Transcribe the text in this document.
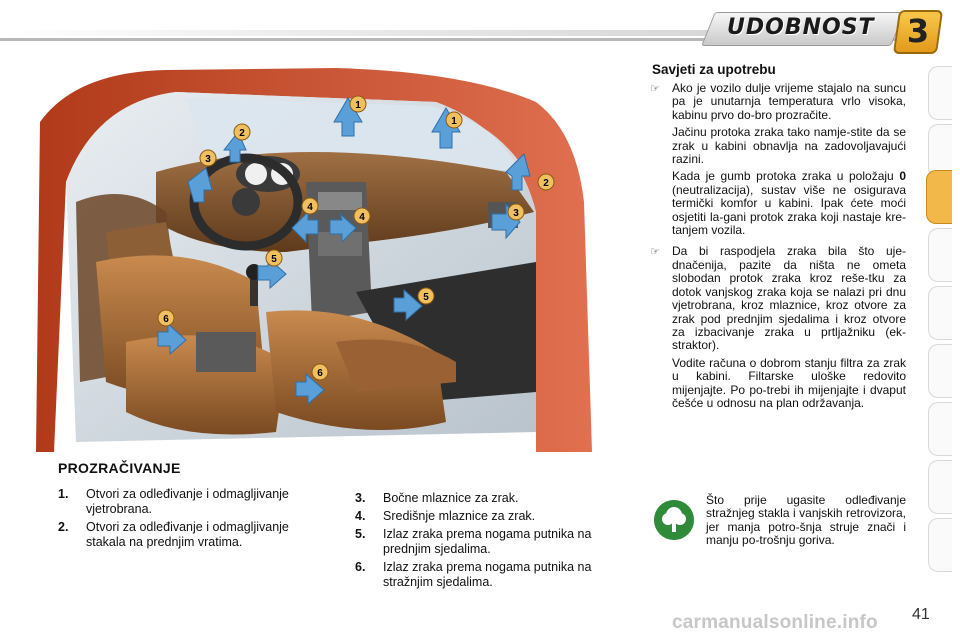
UDOBNOST	3
1
1
2
2
3
3
4
4
5
5
6
6
PROZRAČIVANJE
1.	Otvori za odleđivanje i odmagljivanje vjetrobrana.
2.	Otvori za odleđivanje i odmagljivanje stakala na prednjim vratima.
3.	Bočne mlaznice za zrak.
4.	Središnje mlaznice za zrak.
5.	Izlaz zraka prema nogama putnika na prednjim sjedalima.
6.	Izlaz zraka prema nogama putnika na stražnjim sjedalima.
Savjeti za upotrebu
☞	Ako je vozilo dulje vrijeme stajalo na suncu pa je unutarnja temperatura vrlo visoka, kabinu prvo do-bro prozračite.

Jačinu protoka zraka tako namje-stite da se zrak u kabini obnavlja na zadovoljavajući razini.

Kada je gumb protoka zraka u položaju 0 (neutralizacija), sustav više ne osigurava termički komfor u kabini. Ipak ćete moći osjetiti la-gani protok zraka koji nastaje kre-tanjem vozila.

☞	Da bi raspodjela zraka bila što uje-dnačenija, pazite da ništa ne ometa slobodan protok zraka kroz reše-tku za dotok vanjskog zraka koja se nalazi pri dnu vjetrobrana, kroz mlaznice, kroz otvore za zrak pod prednjim sjedalima i kroz otvore za izbacivanje zraka u prtljažniku (ek-straktor).

Vodite računa o dobrom stanju filtra za zrak u kabini. Filtarske uloške redovito mijenjajte. Po po-trebi ih mijenjajte i dvaput češće u odnosu na plan održavanja.

Što prije ugasite odleđivanje stražnjeg stakla i vanjskih retrovizora, jer manja potro-šnja struje znači i manju po-trošnju goriva.
carmanualsonline.info 41
